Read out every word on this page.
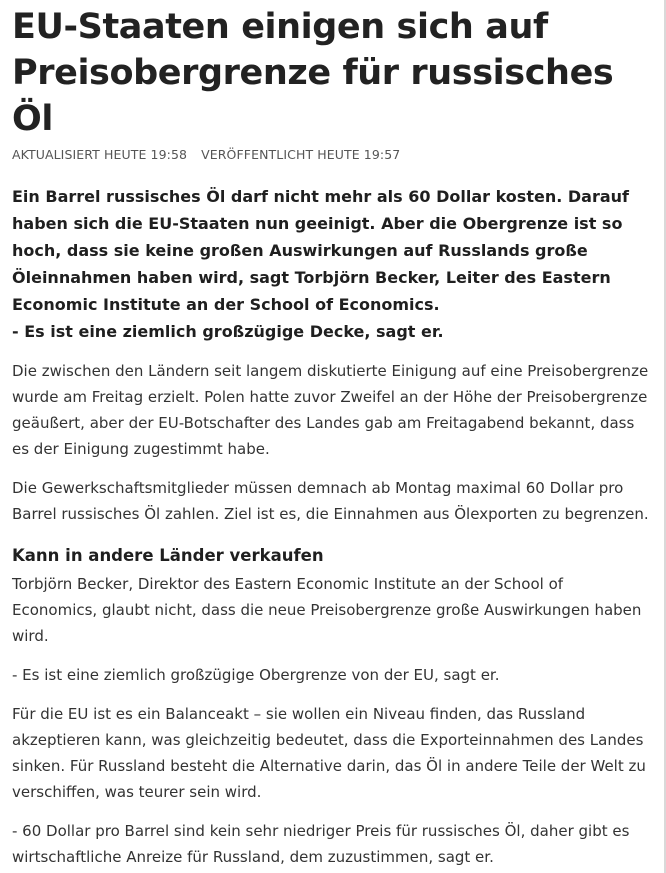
EU-Staaten einigen sich auf Preisobergrenze für russisches Öl
AKTUALISIERT HEUTE 19:58 VERÖFFENTLICHT HEUTE 19:57

Ein Barrel russisches Öl darf nicht mehr als 60 Dollar kosten. Darauf haben sich die EU-Staaten nun geeinigt. Aber die Obergrenze ist so hoch, dass sie keine großen Auswirkungen auf Russlands große Öleinnahmen haben wird, sagt Torbjörn Becker, Leiter des Eastern Economic Institute an der School of Economics.
- Es ist eine ziemlich großzügige Decke, sagt er.

Die zwischen den Ländern seit langem diskutierte Einigung auf eine Preisobergrenze wurde am Freitag erzielt. Polen hatte zuvor Zweifel an der Höhe der Preisobergrenze geäußert, aber der EU-Botschafter des Landes gab am Freitagabend bekannt, dass es der Einigung zugestimmt habe.

Die Gewerkschaftsmitglieder müssen demnach ab Montag maximal 60 Dollar pro Barrel russisches Öl zahlen. Ziel ist es, die Einnahmen aus Ölexporten zu begrenzen.

Kann in andere Länder verkaufen

Torbjörn Becker, Direktor des Eastern Economic Institute an der School of Economics, glaubt nicht, dass die neue Preisobergrenze große Auswirkungen haben wird.

- Es ist eine ziemlich großzügige Obergrenze von der EU, sagt er.

Für die EU ist es ein Balanceakt – sie wollen ein Niveau finden, das Russland akzeptieren kann, was gleichzeitig bedeutet, dass die Exporteinnahmen des Landes sinken. Für Russland besteht die Alternative darin, das Öl in andere Teile der Welt zu verschiffen, was teurer sein wird.

- 60 Dollar pro Barrel sind kein sehr niedriger Preis für russisches Öl, daher gibt es wirtschaftliche Anreize für Russland, dem zuzustimmen, sagt er.
